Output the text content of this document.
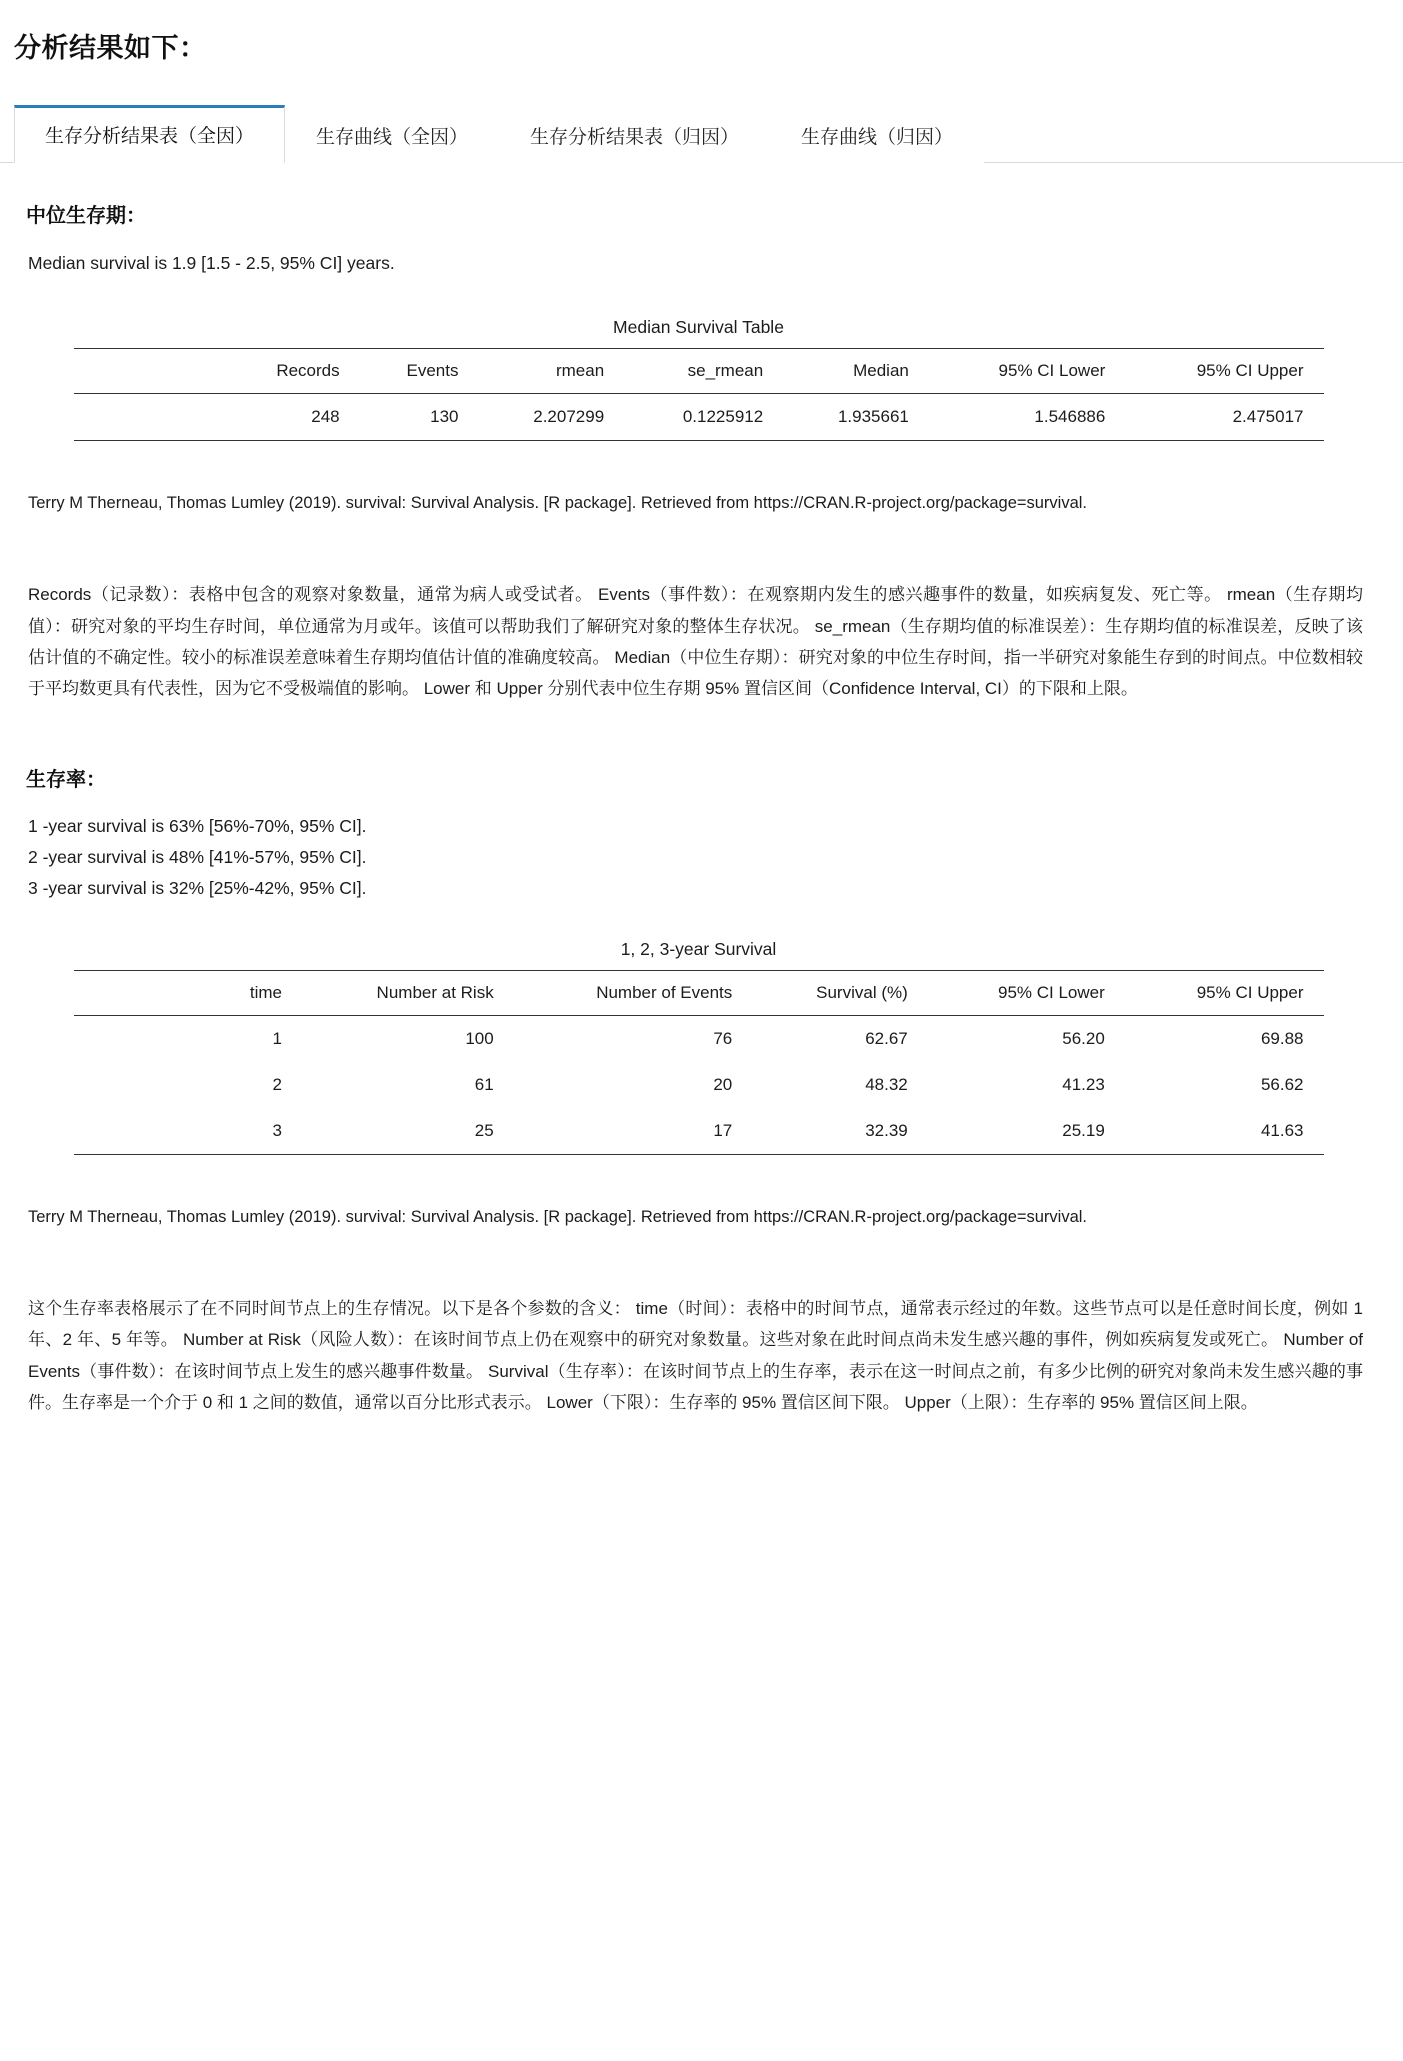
分析结果如下：
生存分析结果表（全因）	生存曲线（全因）	生存分析结果表（归因）	生存曲线（归因）
中位生存期：
Median survival is 1.9 [1.5 - 2.5, 95% CI] years.
Median Survival Table
Records	Events	rmean	se_rmean	Median	95% CI Lower	95% CI Upper
248	130	2.207299	0.1225912	1.935661	1.546886	2.475017
Terry M Therneau, Thomas Lumley (2019). survival: Survival Analysis. [R package]. Retrieved from https://CRAN.R-project.org/package=survival.
Records（记录数）：表格中包含的观察对象数量，通常为病人或受试者。 Events（事件数）：在观察期内发生的感兴趣事件的数量，如疾病复发、死亡等。 rmean（生存期均值）：研究对象的平均生存时间，单位通常为月或年。该值可以帮助我们了解研究对象的整体生存状况。 se_rmean（生存期均值的标准误差）：生存期均值的标准误差，反映了该估计值的不确定性。较小的标准误差意味着生存期均值估计值的准确度较高。 Median（中位生存期）：研究对象的中位生存时间，指一半研究对象能生存到的时间点。中位数相较于平均数更具有代表性，因为它不受极端值的影响。 Lower 和 Upper 分别代表中位生存期 95% 置信区间（Confidence Interval, CI）的下限和上限。
生存率：
1 -year survival is 63% [56%-70%, 95% CI].
2 -year survival is 48% [41%-57%, 95% CI].
3 -year survival is 32% [25%-42%, 95% CI].
1, 2, 3-year Survival
time	Number at Risk	Number of Events	Survival (%)	95% CI Lower	95% CI Upper
1	100	76	62.67	56.20	69.88
2	61	20	48.32	41.23	56.62
3	25	17	32.39	25.19	41.63
Terry M Therneau, Thomas Lumley (2019). survival: Survival Analysis. [R package]. Retrieved from https://CRAN.R-project.org/package=survival.
这个生存率表格展示了在不同时间节点上的生存情况。以下是各个参数的含义： time（时间）：表格中的时间节点，通常表示经过的年数。这些节点可以是任意时间长度，例如 1 年、2 年、5 年等。 Number at Risk（风险人数）：在该时间节点上仍在观察中的研究对象数量。这些对象在此时间点尚未发生感兴趣的事件，例如疾病复发或死亡。 Number of Events（事件数）：在该时间节点上发生的感兴趣事件数量。 Survival（生存率）：在该时间节点上的生存率，表示在这一时间点之前，有多少比例的研究对象尚未发生感兴趣的事件。生存率是一个介于 0 和 1 之间的数值，通常以百分比形式表示。 Lower（下限）：生存率的 95% 置信区间下限。 Upper（上限）：生存率的 95% 置信区间上限。
